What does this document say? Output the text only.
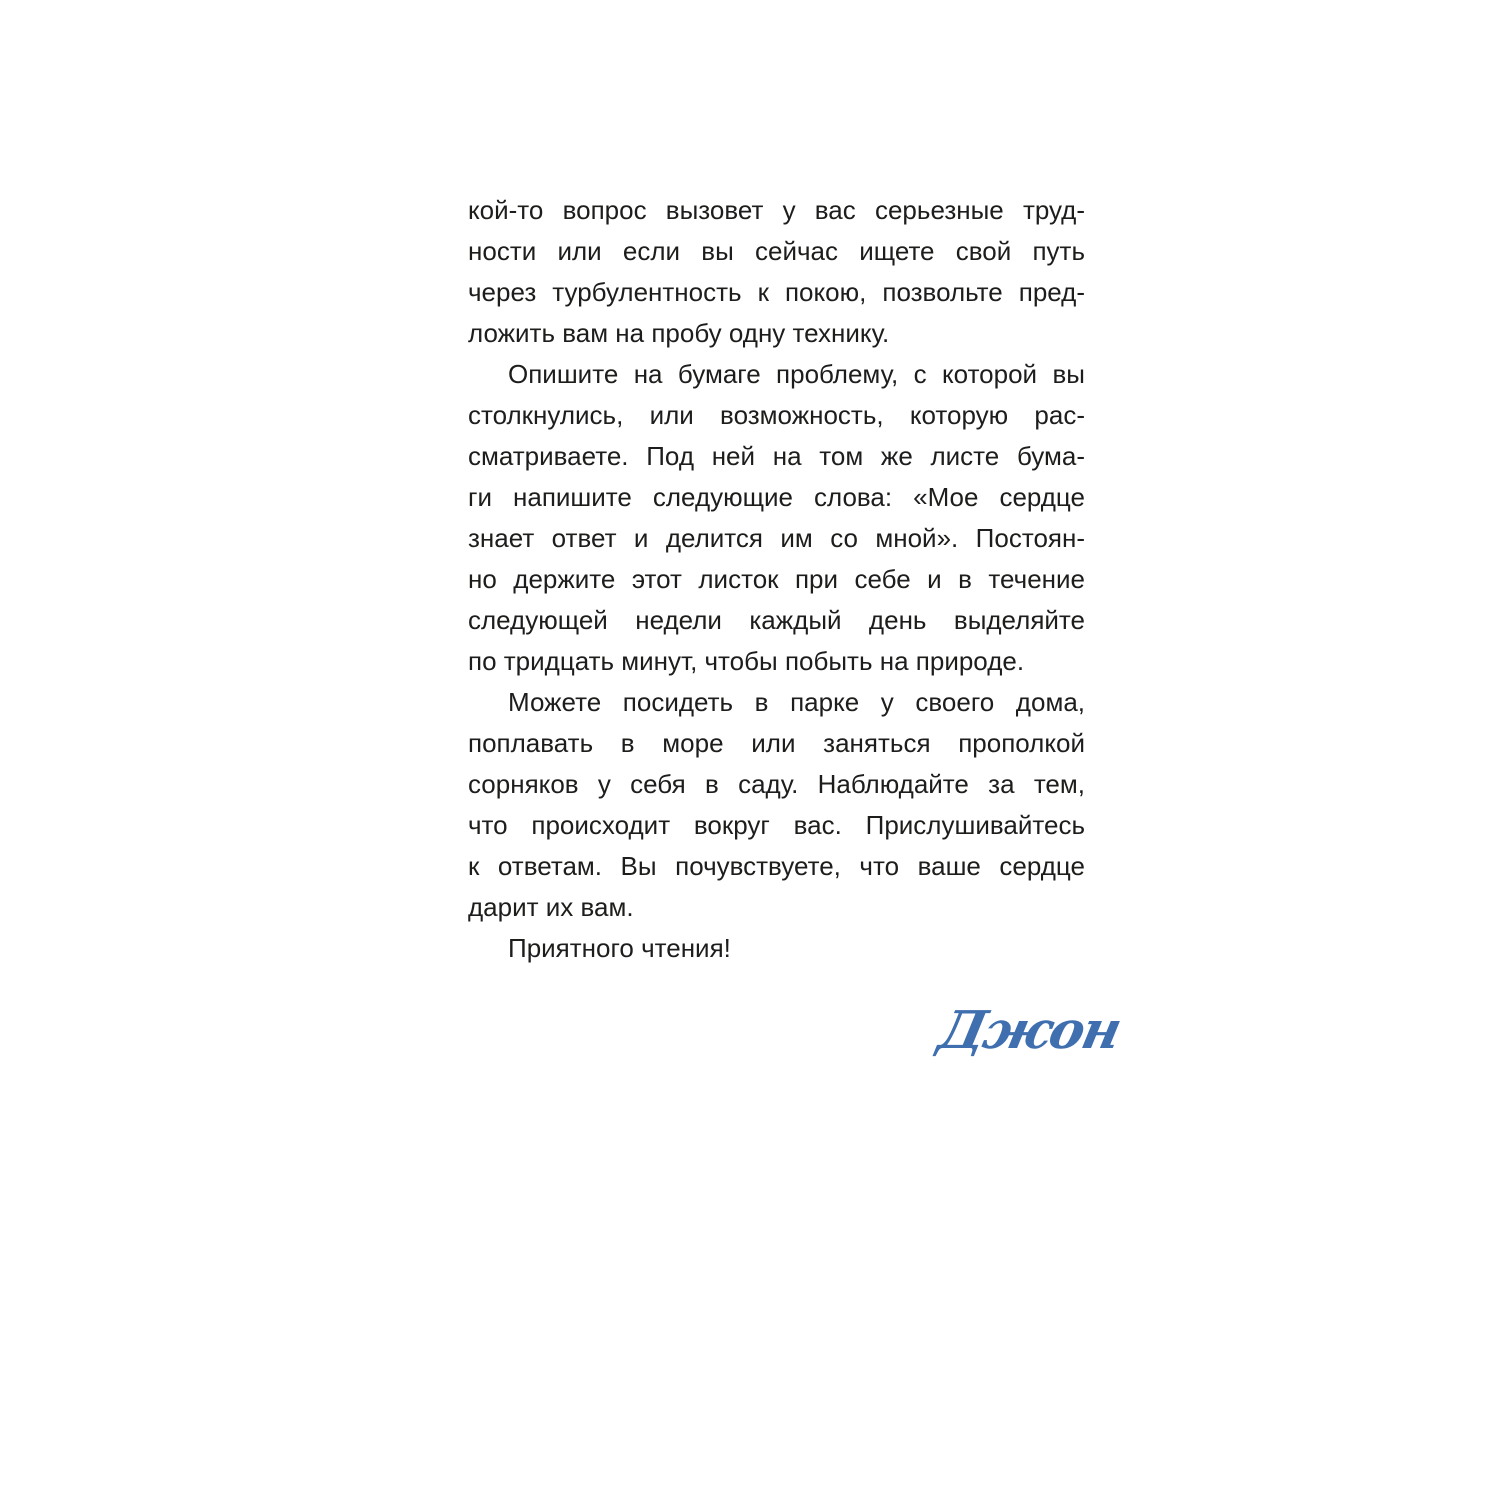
кой-то вопрос вызовет у вас серьезные труд-
ности или если вы сейчас ищете свой путь
через турбулентность к покою, позвольте пред-
ложить вам на пробу одну технику.
Опишите на бумаге проблему, с которой вы
столкнулись, или возможность, которую рас-
сматриваете. Под ней на том же листе бума-
ги напишите следующие слова: «Мое сердце
знает ответ и делится им со мной». Постоян-
но держите этот листок при себе и в течение
следующей недели каждый день выделяйте
по тридцать минут, чтобы побыть на природе.
Можете посидеть в парке у своего дома,
поплавать в море или заняться прополкой
сорняков у себя в саду. Наблюдайте за тем,
что происходит вокруг вас. Прислушивайтесь
к ответам. Вы почувствуете, что ваше сердце
дарит их вам.
Приятного чтения!
Джон
